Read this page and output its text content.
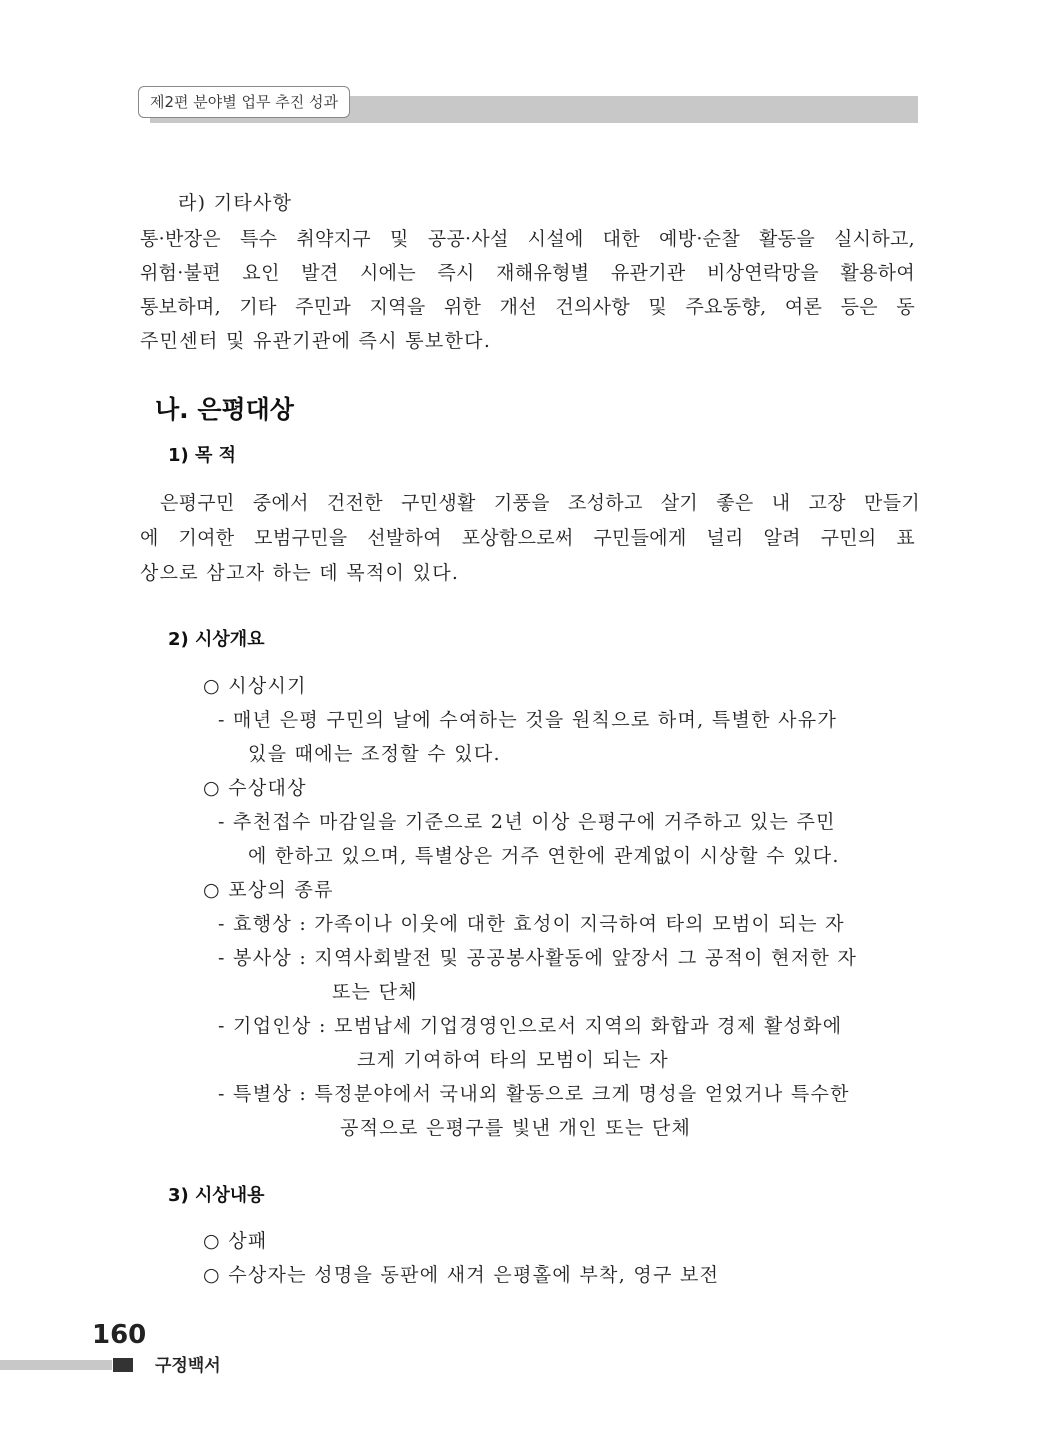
제2편 분야별 업무 추진 성과
라) 기타사항
통·반장은 특수 취약지구 및 공공·사설 시설에 대한 예방·순찰 활동을 실시하고,
위험·불편 요인 발견 시에는 즉시 재해유형별 유관기관 비상연락망을 활용하여
통보하며, 기타 주민과 지역을 위한 개선 건의사항 및 주요동향, 여론 등은 동
주민센터 및 유관기관에 즉시 통보한다.
나. 은평대상
1) 목 적
은평구민 중에서 건전한 구민생활 기풍을 조성하고 살기 좋은 내 고장 만들기
에 기여한 모범구민을 선발하여 포상함으로써 구민들에게 널리 알려 구민의 표
상으로 삼고자 하는 데 목적이 있다.
2) 시상개요
○ 시상시기
- 매년 은평 구민의 날에 수여하는 것을 원칙으로 하며, 특별한 사유가
있을 때에는 조정할 수 있다.
○ 수상대상
- 추천접수 마감일을 기준으로 2년 이상 은평구에 거주하고 있는 주민
에 한하고 있으며, 특별상은 거주 연한에 관계없이 시상할 수 있다.
○ 포상의 종류
- 효행상 : 가족이나 이웃에 대한 효성이 지극하여 타의 모범이 되는 자
- 봉사상 : 지역사회발전 및 공공봉사활동에 앞장서 그 공적이 현저한 자
또는 단체
- 기업인상 : 모범납세 기업경영인으로서 지역의 화합과 경제 활성화에
크게 기여하여 타의 모범이 되는 자
- 특별상 : 특정분야에서 국내외 활동으로 크게 명성을 얻었거나 특수한
공적으로 은평구를 빛낸 개인 또는 단체
3) 시상내용
○ 상패
○ 수상자는 성명을 동판에 새겨 은평홀에 부착, 영구 보전
160
구정백서
